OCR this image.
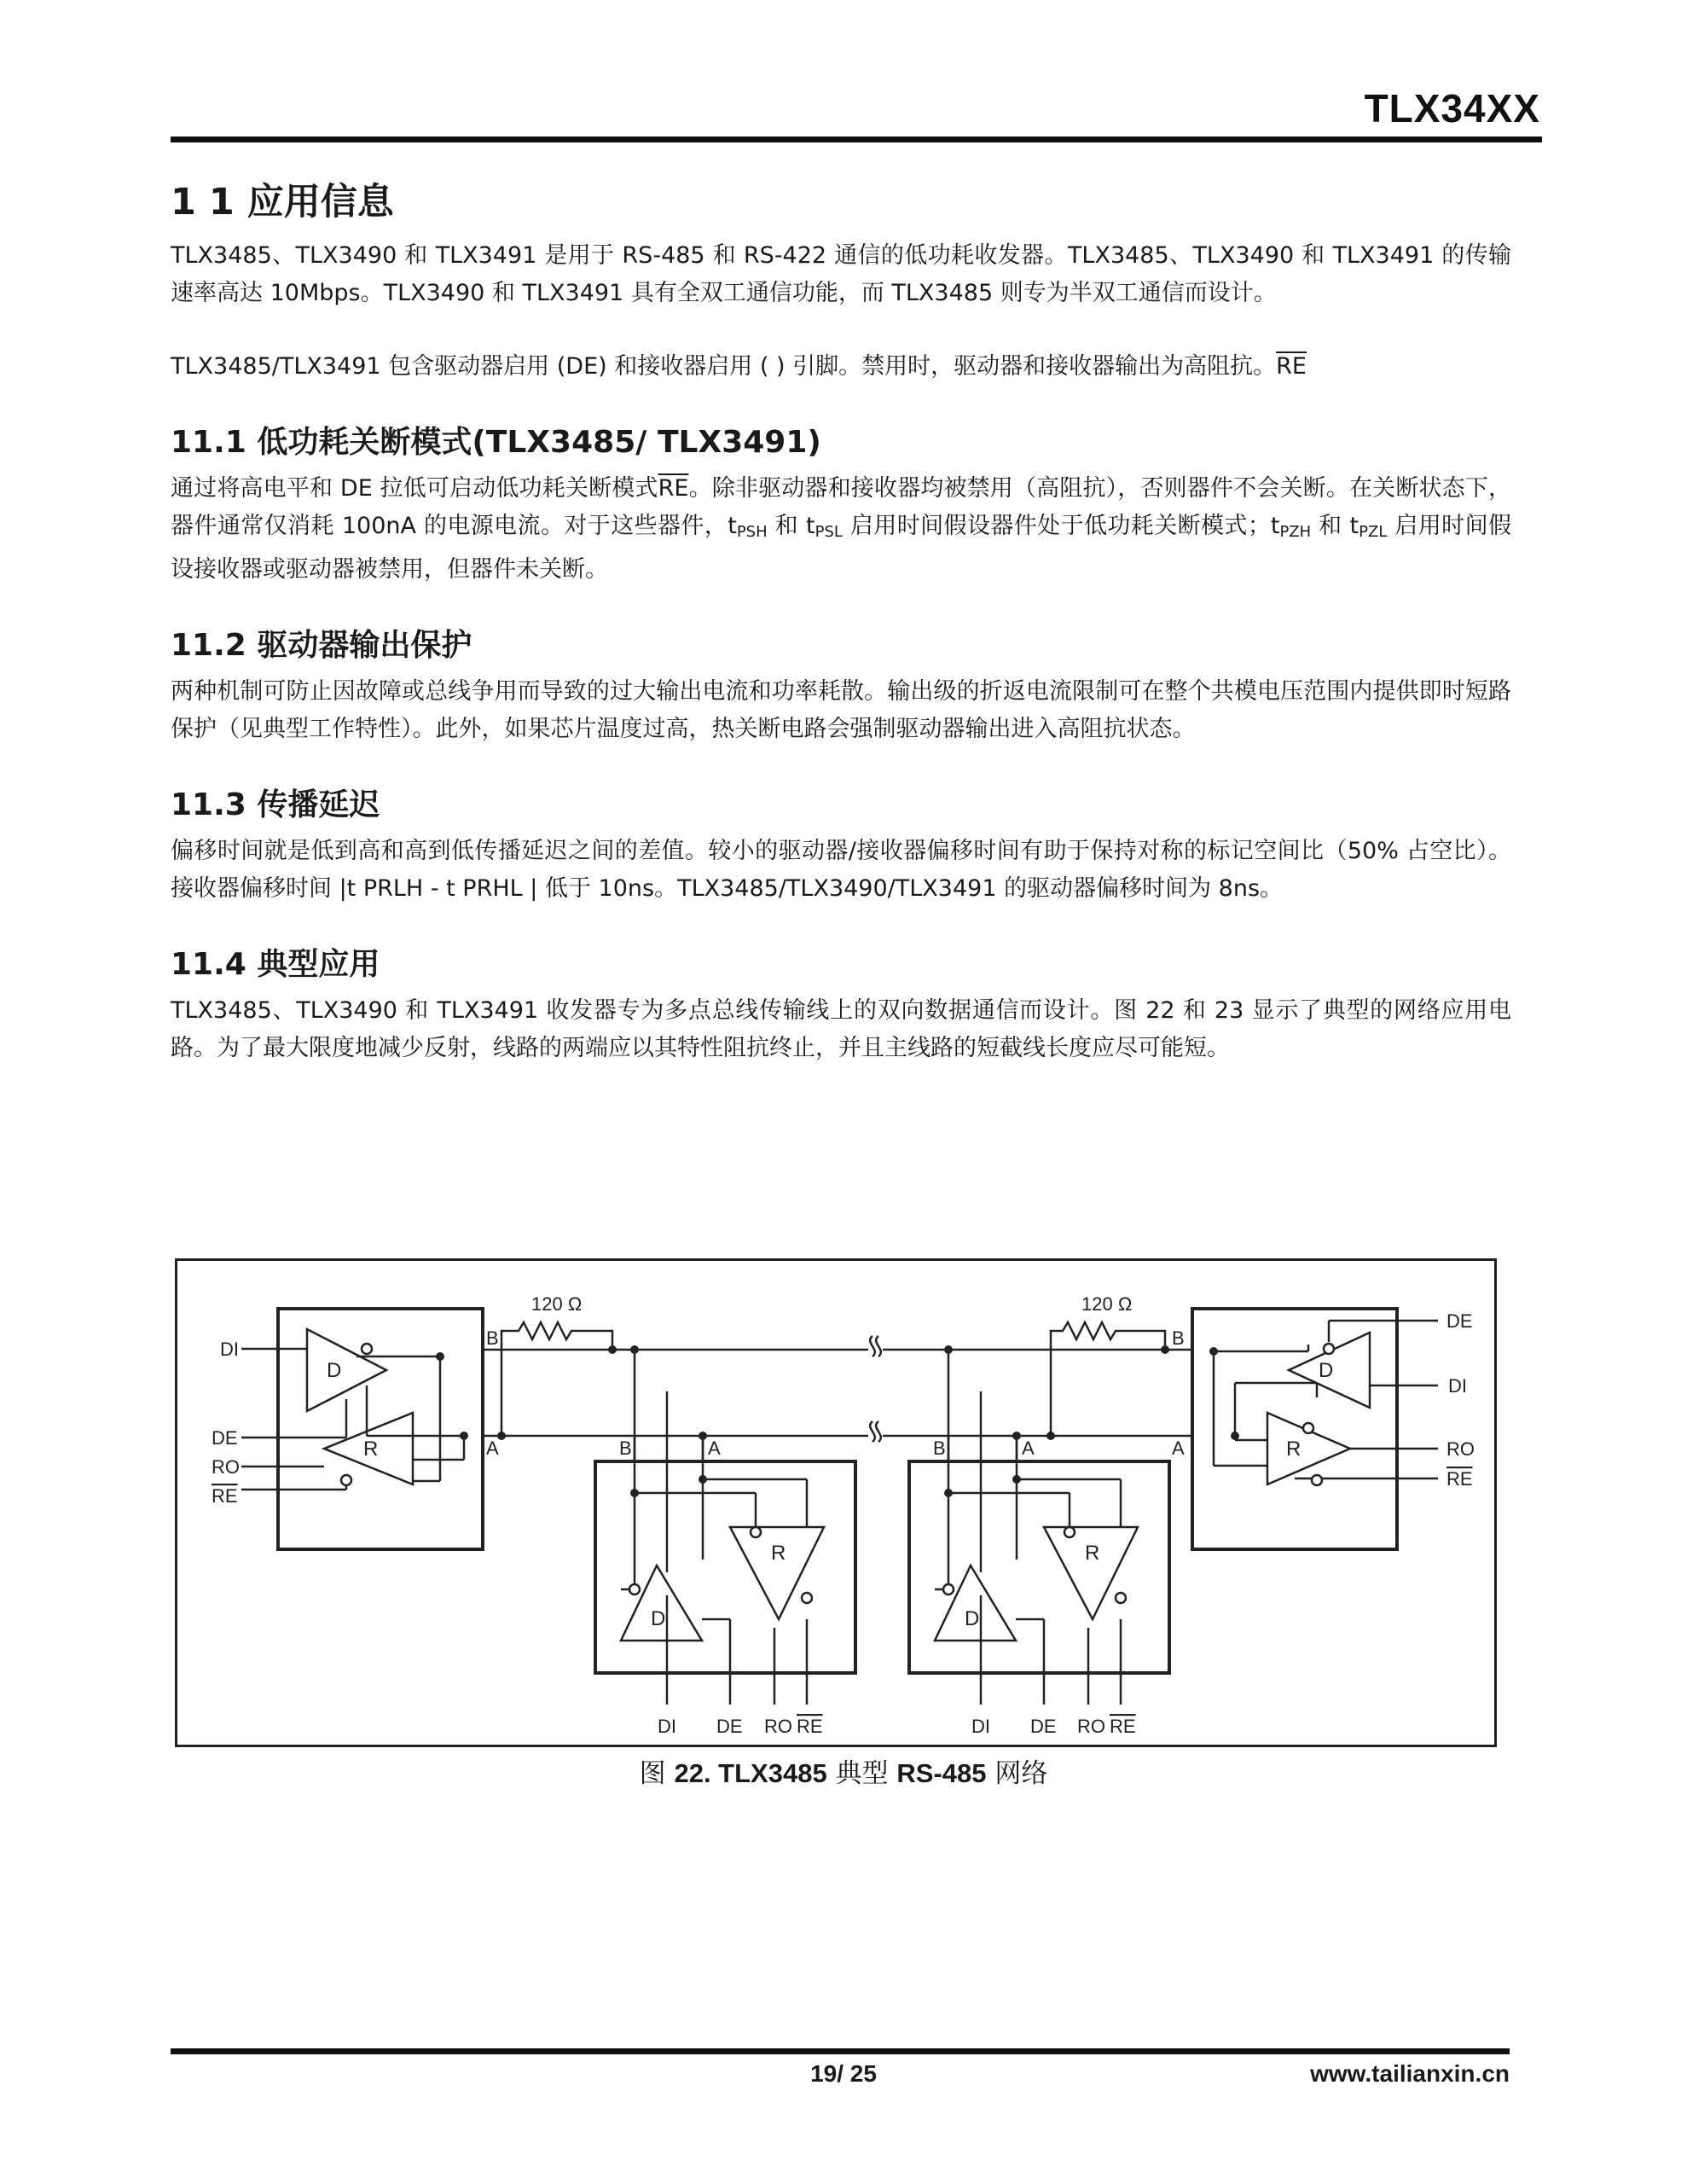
TLX34XX
1 1 应用信息

TLX3485、TLX3490 和 TLX3491 是用于 RS-485 和 RS-422 通信的低功耗收发器。TLX3485、TLX3490 和 TLX3491 的传输速率高达 10Mbps。TLX3490 和 TLX3491 具有全双工通信功能，而 TLX3485 则专为半双工通信而设计。

TLX3485/TLX3491 包含驱动器启用 (DE) 和接收器启用 ( ) 引脚。禁用时，驱动器和接收器输出为高阻抗。$\overline{RE}$

11.1 低功耗关断模式(TLX3485/ TLX3491)

通过将高电平和 DE 拉低可启动低功耗关断模式$\overline{RE}$。除非驱动器和接收器均被禁用（高阻抗），否则器件不会关断。在关断状态下，器件通常仅消耗 100nA 的电源电流。对于这些器件，$t_{PSH}$ 和 $t_{PSL}$ 启用时间假设器件处于低功耗关断模式；$t_{PZH}$ 和 $t_{PZL}$ 启用时间假设接收器或驱动器被禁用，但器件未关断。

11.2 驱动器输出保护

两种机制可防止因故障或总线争用而导致的过大输出电流和功率耗散。输出级的折返电流限制可在整个共模电压范围内提供即时短路保护（见典型工作特性）。此外，如果芯片温度过高，热关断电路会强制驱动器输出进入高阻抗状态。

11.3 传播延迟

偏移时间就是低到高和高到低传播延迟之间的差值。较小的驱动器/接收器偏移时间有助于保持对称的标记空间比（50% 占空比）。接收器偏移时间 |t PRLH - t PRHL | 低于 10ns。TLX3485/TLX3490/TLX3491 的驱动器偏移时间为 8ns。

11.4 典型应用

TLX3485、TLX3490 和 TLX3491 收发器专为多点总线传输线上的双向数据通信而设计。图 22 和 23 显示了典型的网络应用电路。为了最大限度地减少反射，线路的两端应以其特性阻抗终止，并且主线路的短截线长度应尽可能短。

120 Ω	120 Ω
DI
DE
RO
RE
B
A	B	A	B	A
B
A
DE
DI
RO
RE
DI DE RO RE	DI DE RO RE
D
R
D
R
D
R
D
R
图 22. TLX3485 典型 RS-485 网络
19/ 25	www.tailianxin.cn
